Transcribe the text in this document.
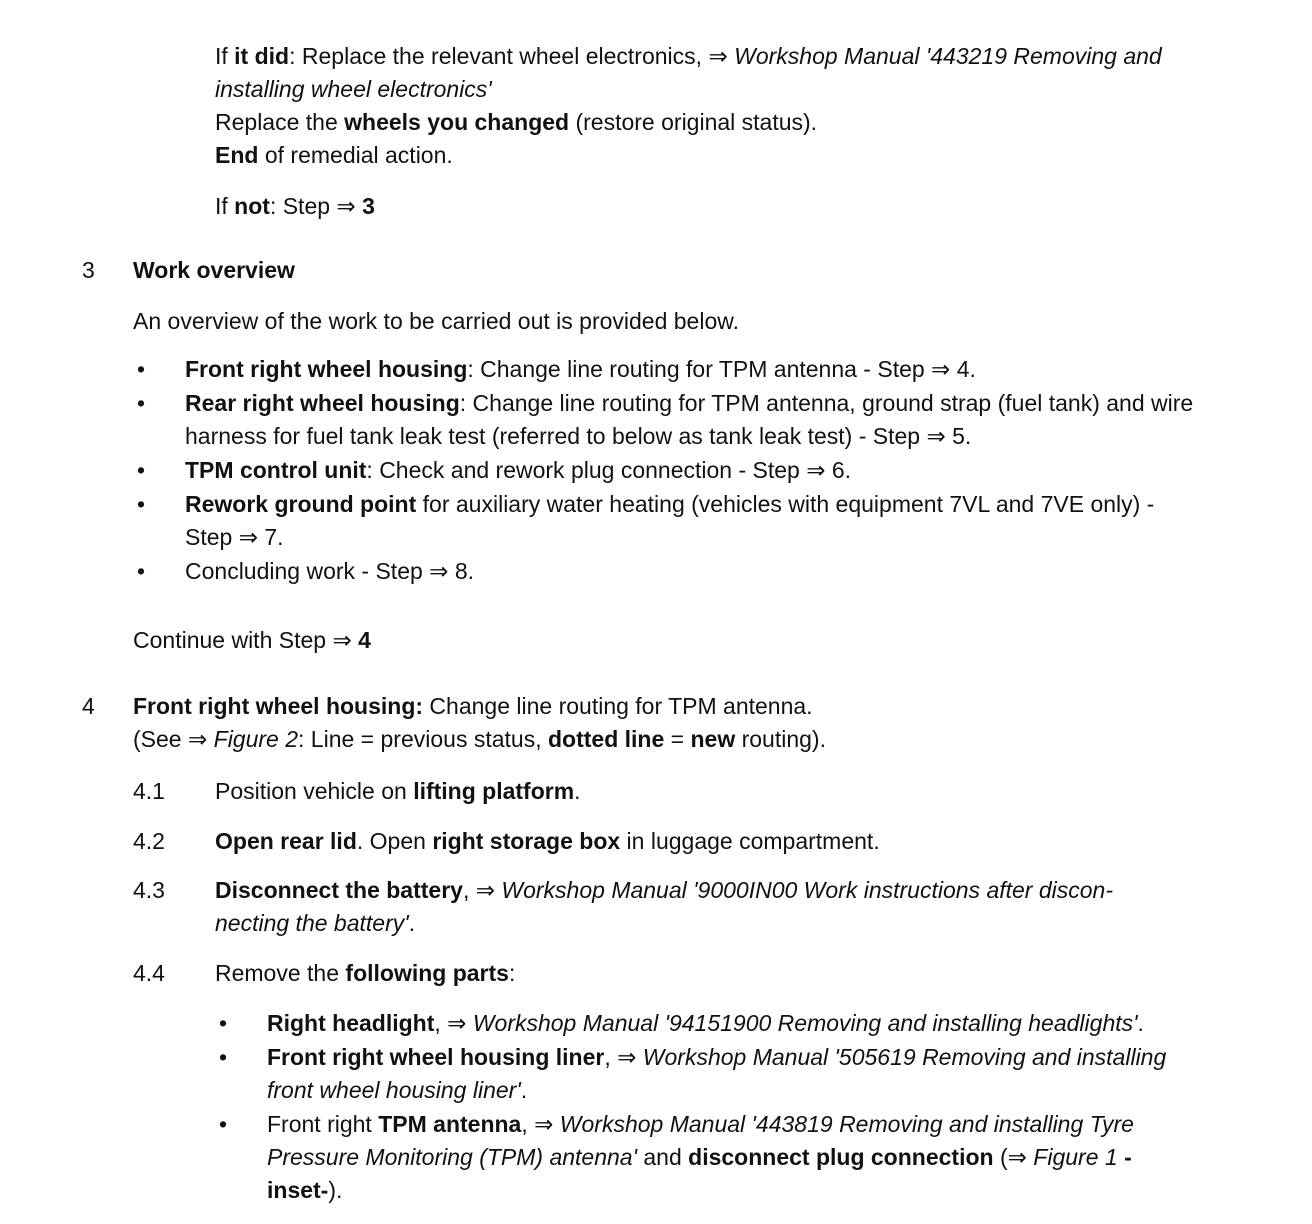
If it did: Replace the relevant wheel electronics, ⇒ Workshop Manual '443219 Removing and installing wheel electronics'
Replace the wheels you changed (restore original status).
End of remedial action.
If not: Step ⇒ 3
3 Work overview
An overview of the work to be carried out is provided below.
• Front right wheel housing: Change line routing for TPM antenna - Step ⇒ 4.
• Rear right wheel housing: Change line routing for TPM antenna, ground strap (fuel tank) and wire harness for fuel tank leak test (referred to below as tank leak test) - Step ⇒ 5.
• TPM control unit: Check and rework plug connection - Step ⇒ 6.
• Rework ground point for auxiliary water heating (vehicles with equipment 7VL and 7VE only) - Step ⇒ 7.
• Concluding work - Step ⇒ 8.
Continue with Step ⇒ 4
4 Front right wheel housing: Change line routing for TPM antenna.
(See ⇒ Figure 2: Line = previous status, dotted line = new routing).
4.1 Position vehicle on lifting platform.
4.2 Open rear lid. Open right storage box in luggage compartment.
4.3 Disconnect the battery, ⇒ Workshop Manual '9000IN00 Work instructions after discon-necting the battery'.
4.4 Remove the following parts:
• Right headlight, ⇒ Workshop Manual '94151900 Removing and installing headlights'.
• Front right wheel housing liner, ⇒ Workshop Manual '505619 Removing and installing front wheel housing liner'.
• Front right TPM antenna, ⇒ Workshop Manual '443819 Removing and installing Tyre Pressure Monitoring (TPM) antenna' and disconnect plug connection (⇒ Figure 1 -inset-).
